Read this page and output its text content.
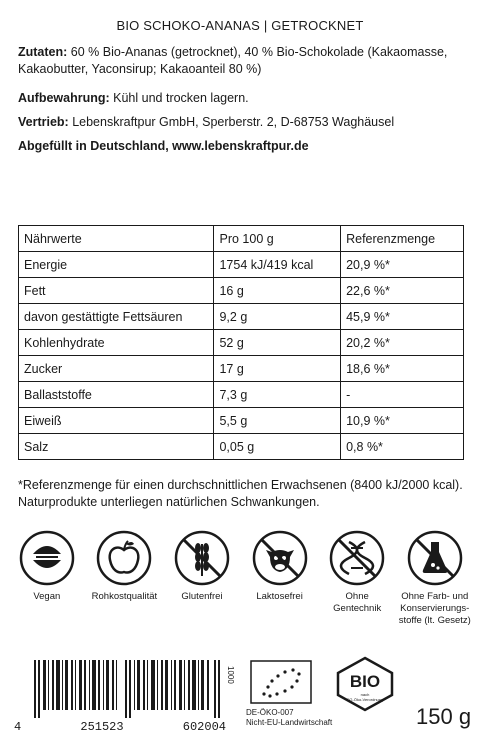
BIO SCHOKO-ANANAS | GETROCKNET
Zutaten: 60 % Bio-Ananas (getrocknet), 40 % Bio-Schokolade (Kakaomasse, Kakaobutter, Yaconsirup; Kakaoanteil 80 %)
Aufbewahrung: Kühl und trocken lagern.
Vertrieb: Lebenskraftpur GmbH, Sperberstr. 2, D-68753 Waghäusel
Abgefüllt in Deutschland, www.lebenskraftpur.de
Nährwerte	Pro 100 g	Referenzmenge
Energie	1754 kJ/419 kcal	20,9 %*
Fett	16 g	22,6 %*
davon gestättigte Fettsäuren	9,2 g	45,9 %*
Kohlenhydrate	52 g	20,2 %*
Zucker	17 g	18,6 %*
Ballaststoffe	7,3 g	-
Eiweiß	5,5 g	10,9 %*
Salz	0,05 g	0,8 %*
*Referenzmenge für einen durchschnittlichen Erwachsenen (8400 kJ/2000 kcal).
Naturprodukte unterliegen natürlichen Schwankungen.
Vegan	Rohkostqualität	Glutenfrei	Laktosefrei	Ohne
Gentechnik
Ohne Farb- und
Konservierungs-
stoffe (lt. Gesetz)
4	251523	602004
1000
DE-ÖKO-007
Nicht-EU-Landwirtschaft
BIO
nach
EG-Öko-Verordnung
150 g
